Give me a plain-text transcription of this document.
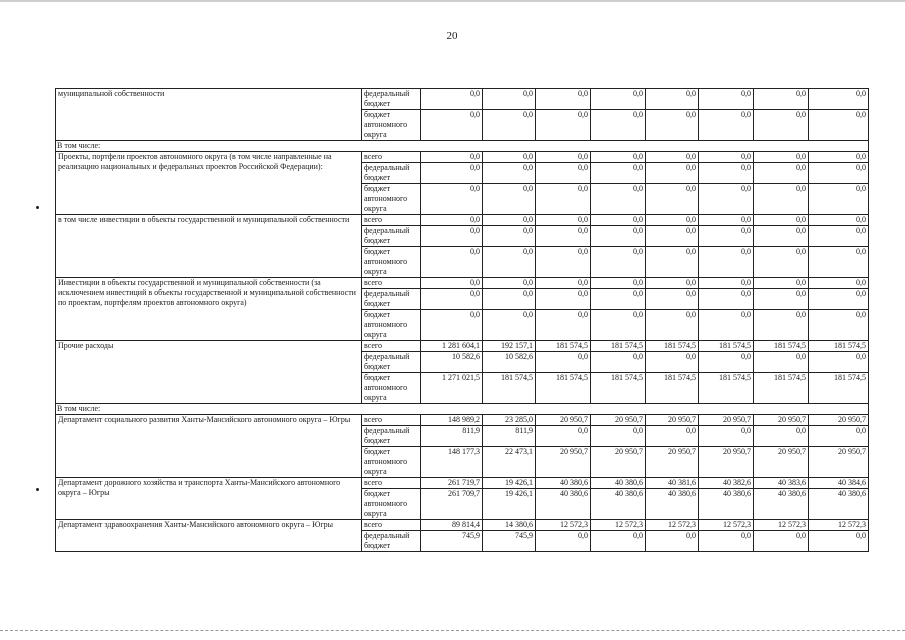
20
муниципальной собственности	федеральный бюджет	0,0	0,0	0,0	0,0	0,0	0,0	0,0	0,0
	бюджет автономного округа	0,0	0,0	0,0	0,0	0,0	0,0	0,0	0,0
В том числе:									
Проекты, портфели проектов автономного округа (в том числе направленные на реализацию национальных и федеральных проектов Российской Федерации):	всего	0,0	0,0	0,0	0,0	0,0	0,0	0,0	0,0
	федеральный бюджет	0,0	0,0	0,0	0,0	0,0	0,0	0,0	0,0
	бюджет автономного округа	0,0	0,0	0,0	0,0	0,0	0,0	0,0	0,0
в том числе инвестиции в объекты государственной и муниципальной собственности	всего	0,0	0,0	0,0	0,0	0,0	0,0	0,0	0,0
	федеральный бюджет	0,0	0,0	0,0	0,0	0,0	0,0	0,0	0,0
	бюджет автономного округа	0,0	0,0	0,0	0,0	0,0	0,0	0,0	0,0
Инвестиции в объекты государственной и муниципальной собственности (за исключением инвестиций в объекты государственной и муниципальной собственности по проектам, портфелям проектов автономного округа)	всего	0,0	0,0	0,0	0,0	0,0	0,0	0,0	0,0
	федеральный бюджет	0,0	0,0	0,0	0,0	0,0	0,0	0,0	0,0
	бюджет автономного округа	0,0	0,0	0,0	0,0	0,0	0,0	0,0	0,0
Прочие расходы	всего	1 281 604,1	192 157,1	181 574,5	181 574,5	181 574,5	181 574,5	181 574,5	181 574,5
	федеральный бюджет	10 582,6	10 582,6	0,0	0,0	0,0	0,0	0,0	0,0
	бюджет автономного округа	1 271 021,5	181 574,5	181 574,5	181 574,5	181 574,5	181 574,5	181 574,5	181 574,5
В том числе:									
Департамент социального развития Ханты-Мансийского автономного округа – Югры	всего	148 989,2	23 285,0	20 950,7	20 950,7	20 950,7	20 950,7	20 950,7	20 950,7
	федеральный бюджет	811,9	811,9	0,0	0,0	0,0	0,0	0,0	0,0
	бюджет автономного округа	148 177,3	22 473,1	20 950,7	20 950,7	20 950,7	20 950,7	20 950,7	20 950,7
Департамент дорожного хозяйства и транспорта Ханты-Мансийского автономного округа – Югры	всего	261 719,7	19 426,1	40 380,6	40 380,6	40 381,6	40 382,6	40 383,6	40 384,6
	бюджет автономного округа	261 709,7	19 426,1	40 380,6	40 380,6	40 380,6	40 380,6	40 380,6	40 380,6
Департамент здравоохранения Ханты-Мансийского автономного округа – Югры	всего	89 814,4	14 380,6	12 572,3	12 572,3	12 572,3	12 572,3	12 572,3	12 572,3
	федеральный бюджет	745,9	745,9	0,0	0,0	0,0	0,0	0,0	0,0
